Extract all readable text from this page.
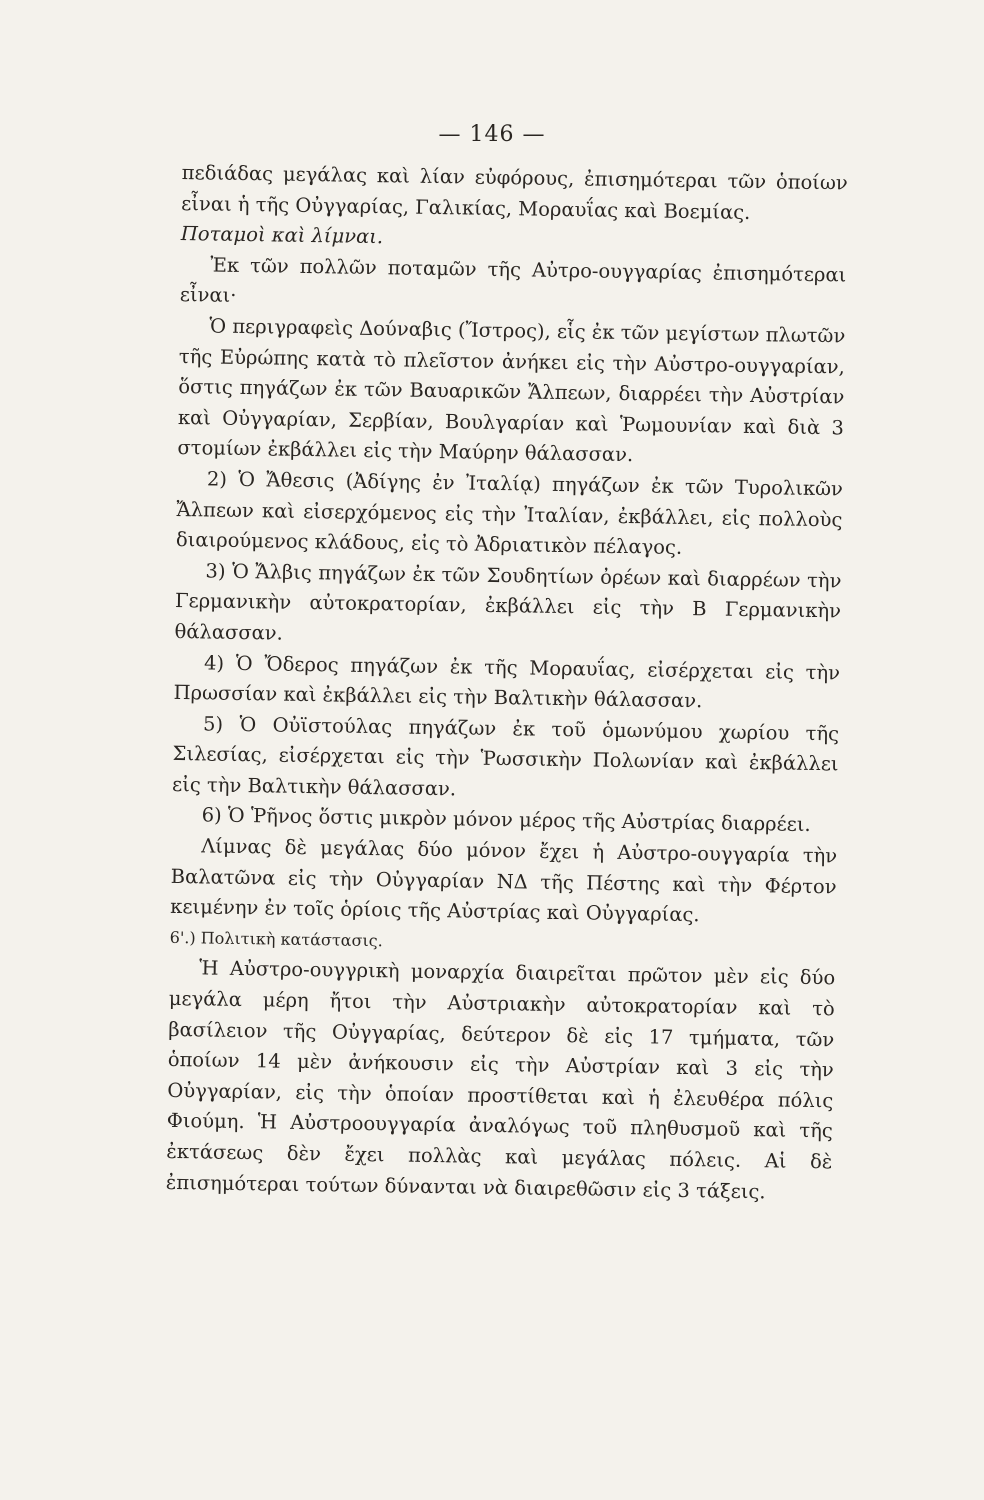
— 146 —

πεδιάδας μεγάλας καὶ λίαν εὐφόρους, ἐπισημότεραι τῶν ὁποίων εἶναι ἡ τῆς Οὐγγαρίας, Γαλικίας, Μοραυΐας καὶ Βοεμίας.

Ποταμοὶ καὶ λίμναι.

Ἐκ τῶν πολλῶν ποταμῶν τῆς Αὐτρο-ουγγαρίας ἐπισημότεραι εἶναι·

Ὁ περιγραφεὶς Δούναβις (Ἴστρος), εἷς ἐκ τῶν μεγίστων πλωτῶν τῆς Εὐρώπης κατὰ τὸ πλεῖστον ἀνήκει εἰς τὴν Αὐστρο-ουγγαρίαν, ὅστις πηγάζων ἐκ τῶν Βαυαρικῶν Ἄλπεων, διαρρέει τὴν Αὐστρίαν καὶ Οὐγγαρίαν, Σερβίαν, Βουλγαρίαν καὶ Ῥωμουνίαν καὶ διὰ 3 στομίων ἐκβάλλει εἰς τὴν Μαύρην θάλασσαν.

2) Ὁ Ἄθεσις (Ἀδίγης ἐν Ἰταλίᾳ) πηγάζων ἐκ τῶν Τυρολικῶν Ἄλπεων καὶ εἰσερχόμενος εἰς τὴν Ἰταλίαν, ἐκβάλλει, εἰς πολλοὺς διαιρούμενος κλάδους, εἰς τὸ Ἀδριατικὸν πέλαγος.

3) Ὁ Ἄλβις πηγάζων ἐκ τῶν Σουδητίων ὀρέων καὶ διαρρέων τὴν Γερμανικὴν αὐτοκρατορίαν, ἐκβάλλει εἰς τὴν Β Γερμανικὴν θάλασσαν.

4) Ὁ Ὄδερος πηγάζων ἐκ τῆς Μοραυΐας, εἰσέρχεται εἰς τὴν Πρωσσίαν καὶ ἐκβάλλει εἰς τὴν Βαλτικὴν θάλασσαν.

5) Ὁ Οὐϊστούλας πηγάζων ἐκ τοῦ ὁμωνύμου χωρίου τῆς Σιλεσίας, εἰσέρχεται εἰς τὴν Ῥωσσικὴν Πολωνίαν καὶ ἐκβάλλει εἰς τὴν Βαλτικὴν θάλασσαν.

6) Ὁ Ῥῆνος ὅστις μικρὸν μόνον μέρος τῆς Αὐστρίας διαρρέει.

Λίμνας δὲ μεγάλας δύο μόνον ἔχει ἡ Αὐστρο-ουγγαρία τὴν Βαλατῶνα εἰς τὴν Οὐγγαρίαν ΝΔ τῆς Πέστης καὶ τὴν Φέρτον κειμένην ἐν τοῖς ὁρίοις τῆς Αὐστρίας καὶ Οὐγγαρίας.

6'.) Πολιτικὴ κατάστασις.

Ἡ Αὐστρο-ουγγρικὴ μοναρχία διαιρεῖται πρῶτον μὲν εἰς δύο μεγάλα μέρη ἤτοι τὴν Αὐστριακὴν αὐτοκρατορίαν καὶ τὸ βασίλειον τῆς Οὐγγαρίας, δεύτερον δὲ εἰς 17 τμήματα, τῶν ὁποίων 14 μὲν ἀνήκουσιν εἰς τὴν Αὐστρίαν καὶ 3 εἰς τὴν Οὐγγαρίαν, εἰς τὴν ὁποίαν προστίθεται καὶ ἡ ἐλευθέρα πόλις Φιούμη. Ἡ Αὐστροουγγαρία ἀναλόγως τοῦ πληθυσμοῦ καὶ τῆς ἐκτάσεως δὲν ἔχει πολλὰς καὶ μεγάλας πόλεις. Αἱ δὲ ἐπισημότεραι τούτων δύνανται νὰ διαιρεθῶσιν εἰς 3 τάξεις.
